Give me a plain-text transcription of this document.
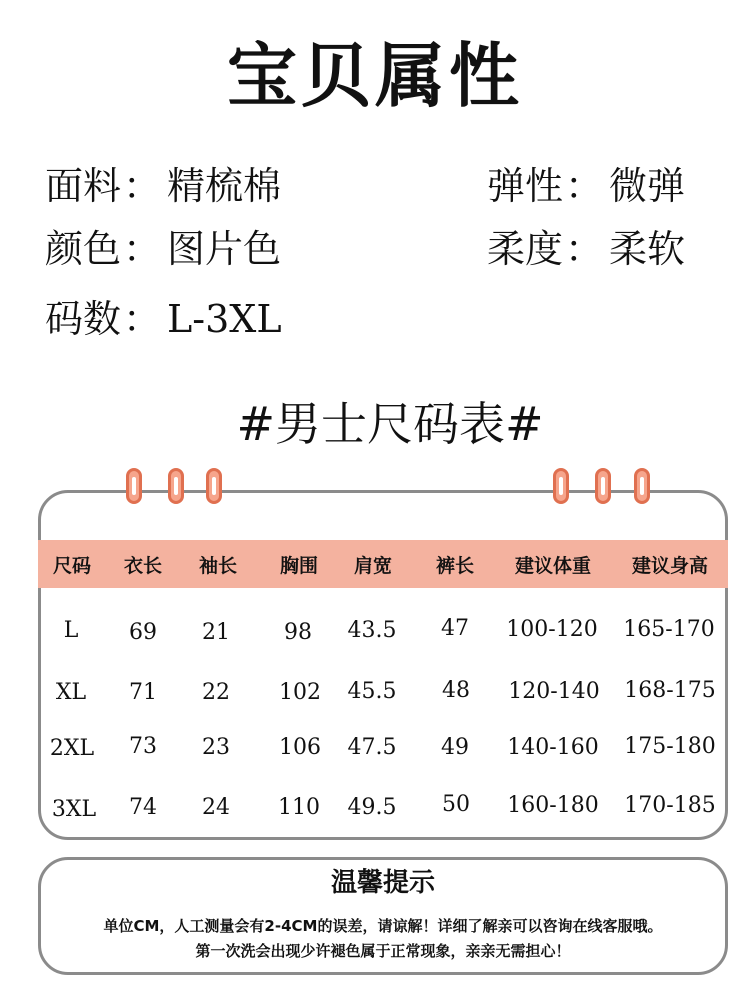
宝贝属性
面料： 精梳棉	弹性： 微弹
颜色： 图片色	柔度： 柔软
码数： L-3XL
#男士尺码表#
尺码 衣长 袖长 胸围 肩宽 裤长 建议体重 建议身高
L 69 21 98 43.5 47 100-120 165-170
XL 71 22 102 45.5 48 120-140 168-175
2XL 73 23 106 47.5 49 140-160 175-180
3XL 74 24 110 49.5 50 160-180 170-185
温馨提示
单位CM，人工测量会有2-4CM的误差，请谅解！详细了解亲可以咨询在线客服哦。
第一次洗会出现少许褪色属于正常现象，亲亲无需担心！
